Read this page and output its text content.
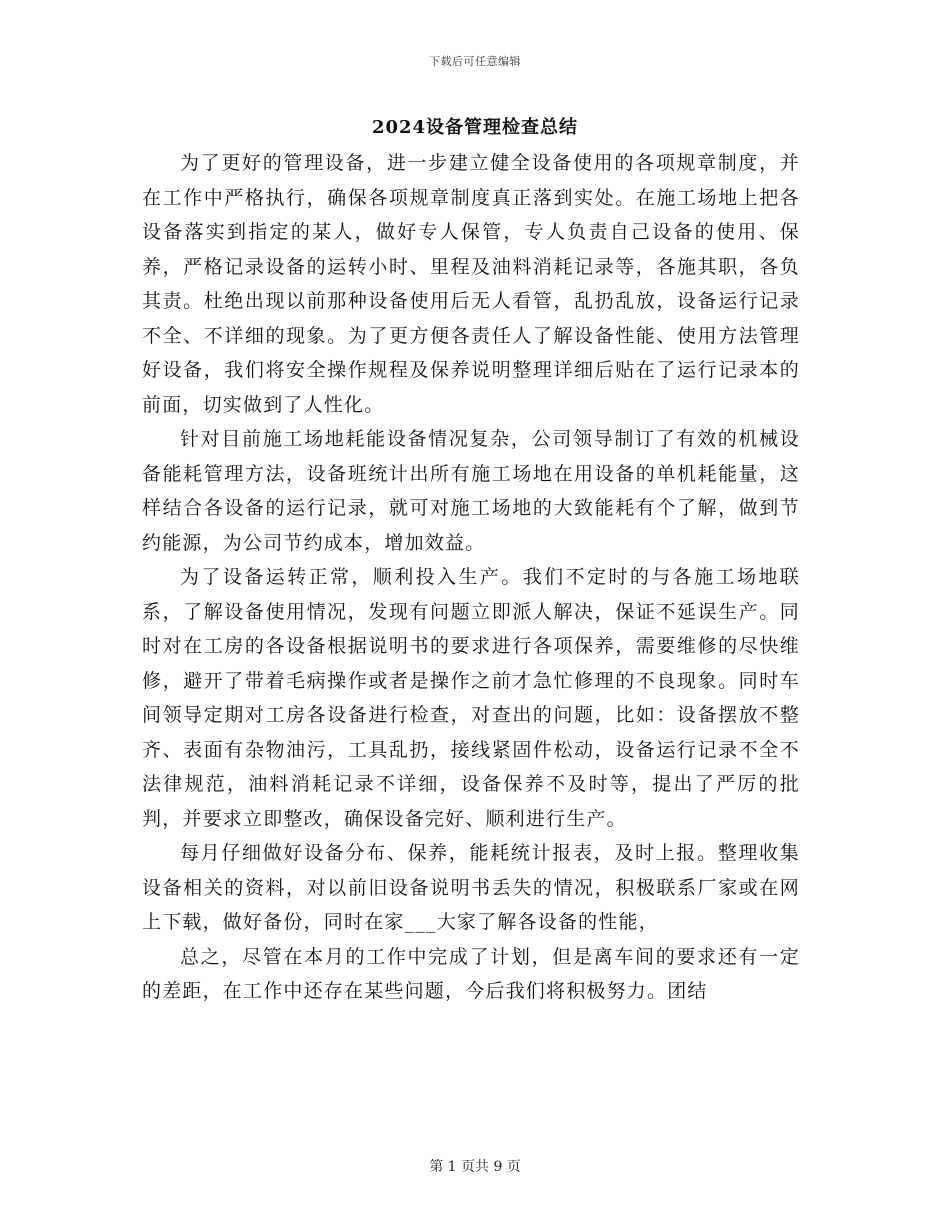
下载后可任意编辑
2024设备管理检查总结

为了更好的管理设备，进一步建立健全设备使用的各项规章制度，并在工作中严格执行，确保各项规章制度真正落到实处。在施工场地上把各设备落实到指定的某人，做好专人保管，专人负责自己设备的使用、保养，严格记录设备的运转小时、里程及油料消耗记录等，各施其职，各负其责。杜绝出现以前那种设备使用后无人看管，乱扔乱放，设备运行记录不全、不详细的现象。为了更方便各责任人了解设备性能、使用方法管理好设备，我们将安全操作规程及保养说明整理详细后贴在了运行记录本的前面，切实做到了人性化。

针对目前施工场地耗能设备情况复杂，公司领导制订了有效的机械设备能耗管理方法，设备班统计出所有施工场地在用设备的单机耗能量，这样结合各设备的运行记录，就可对施工场地的大致能耗有个了解，做到节约能源，为公司节约成本，增加效益。

为了设备运转正常，顺利投入生产。我们不定时的与各施工场地联系，了解设备使用情况，发现有问题立即派人解决，保证不延误生产。同时对在工房的各设备根据说明书的要求进行各项保养，需要维修的尽快维修，避开了带着毛病操作或者是操作之前才急忙修理的不良现象。同时车间领导定期对工房各设备进行检查，对查出的问题，比如：设备摆放不整齐、表面有杂物油污，工具乱扔，接线紧固件松动，设备运行记录不全不法律规范，油料消耗记录不详细，设备保养不及时等，提出了严厉的批判，并要求立即整改，确保设备完好、顺利进行生产。

每月仔细做好设备分布、保养，能耗统计报表，及时上报。整理收集设备相关的资料，对以前旧设备说明书丢失的情况，积极联系厂家或在网上下载，做好备份，同时在家___大家了解各设备的性能，

总之，尽管在本月的工作中完成了计划，但是离车间的要求还有一定的差距，在工作中还存在某些问题，今后我们将积极努力。团结

第 1 页共 9 页
